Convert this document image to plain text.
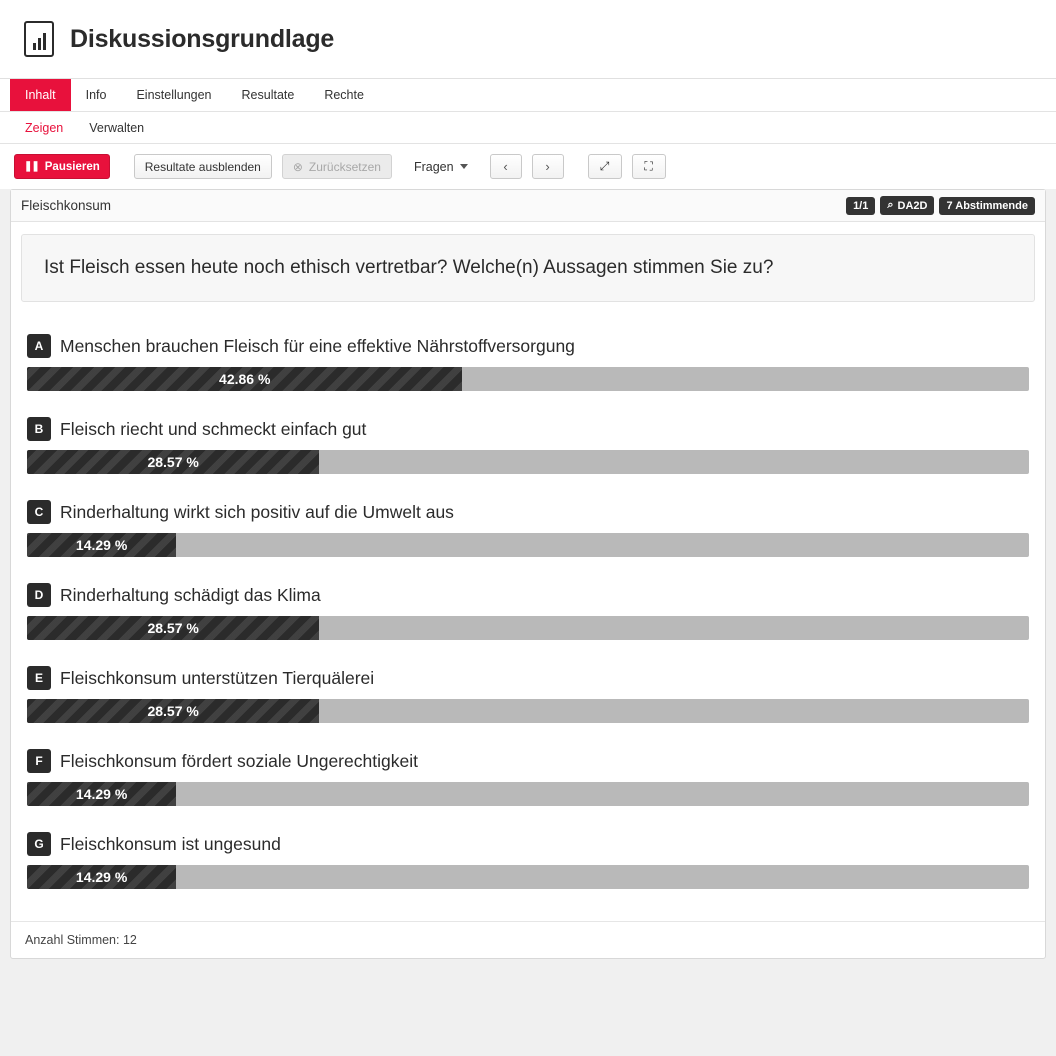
Diskussionsgrundlage
Inhalt	Info	Einstellungen	Resultate	Rechte
Zeigen	Verwalten
❚❚ Pausieren	Resultate ausblenden	⊗ Zurücksetzen	Fragen	‹	›	⤢	⛶
Fleischkonsum	1/1	⌕ DA2D	7 Abstimmende
Ist Fleisch essen heute noch ethisch vertretbar? Welche(n) Aussagen stimmen Sie zu?
A Menschen brauchen Fleisch für eine effektive Nährstoffversorgung
42.86 %
B Fleisch riecht und schmeckt einfach gut
28.57 %
C Rinderhaltung wirkt sich positiv auf die Umwelt aus
14.29 %
D Rinderhaltung schädigt das Klima
28.57 %
E Fleischkonsum unterstützen Tierquälerei
28.57 %
F Fleischkonsum fördert soziale Ungerechtigkeit
14.29 %
G Fleischkonsum ist ungesund
14.29 %
Anzahl Stimmen: 12
